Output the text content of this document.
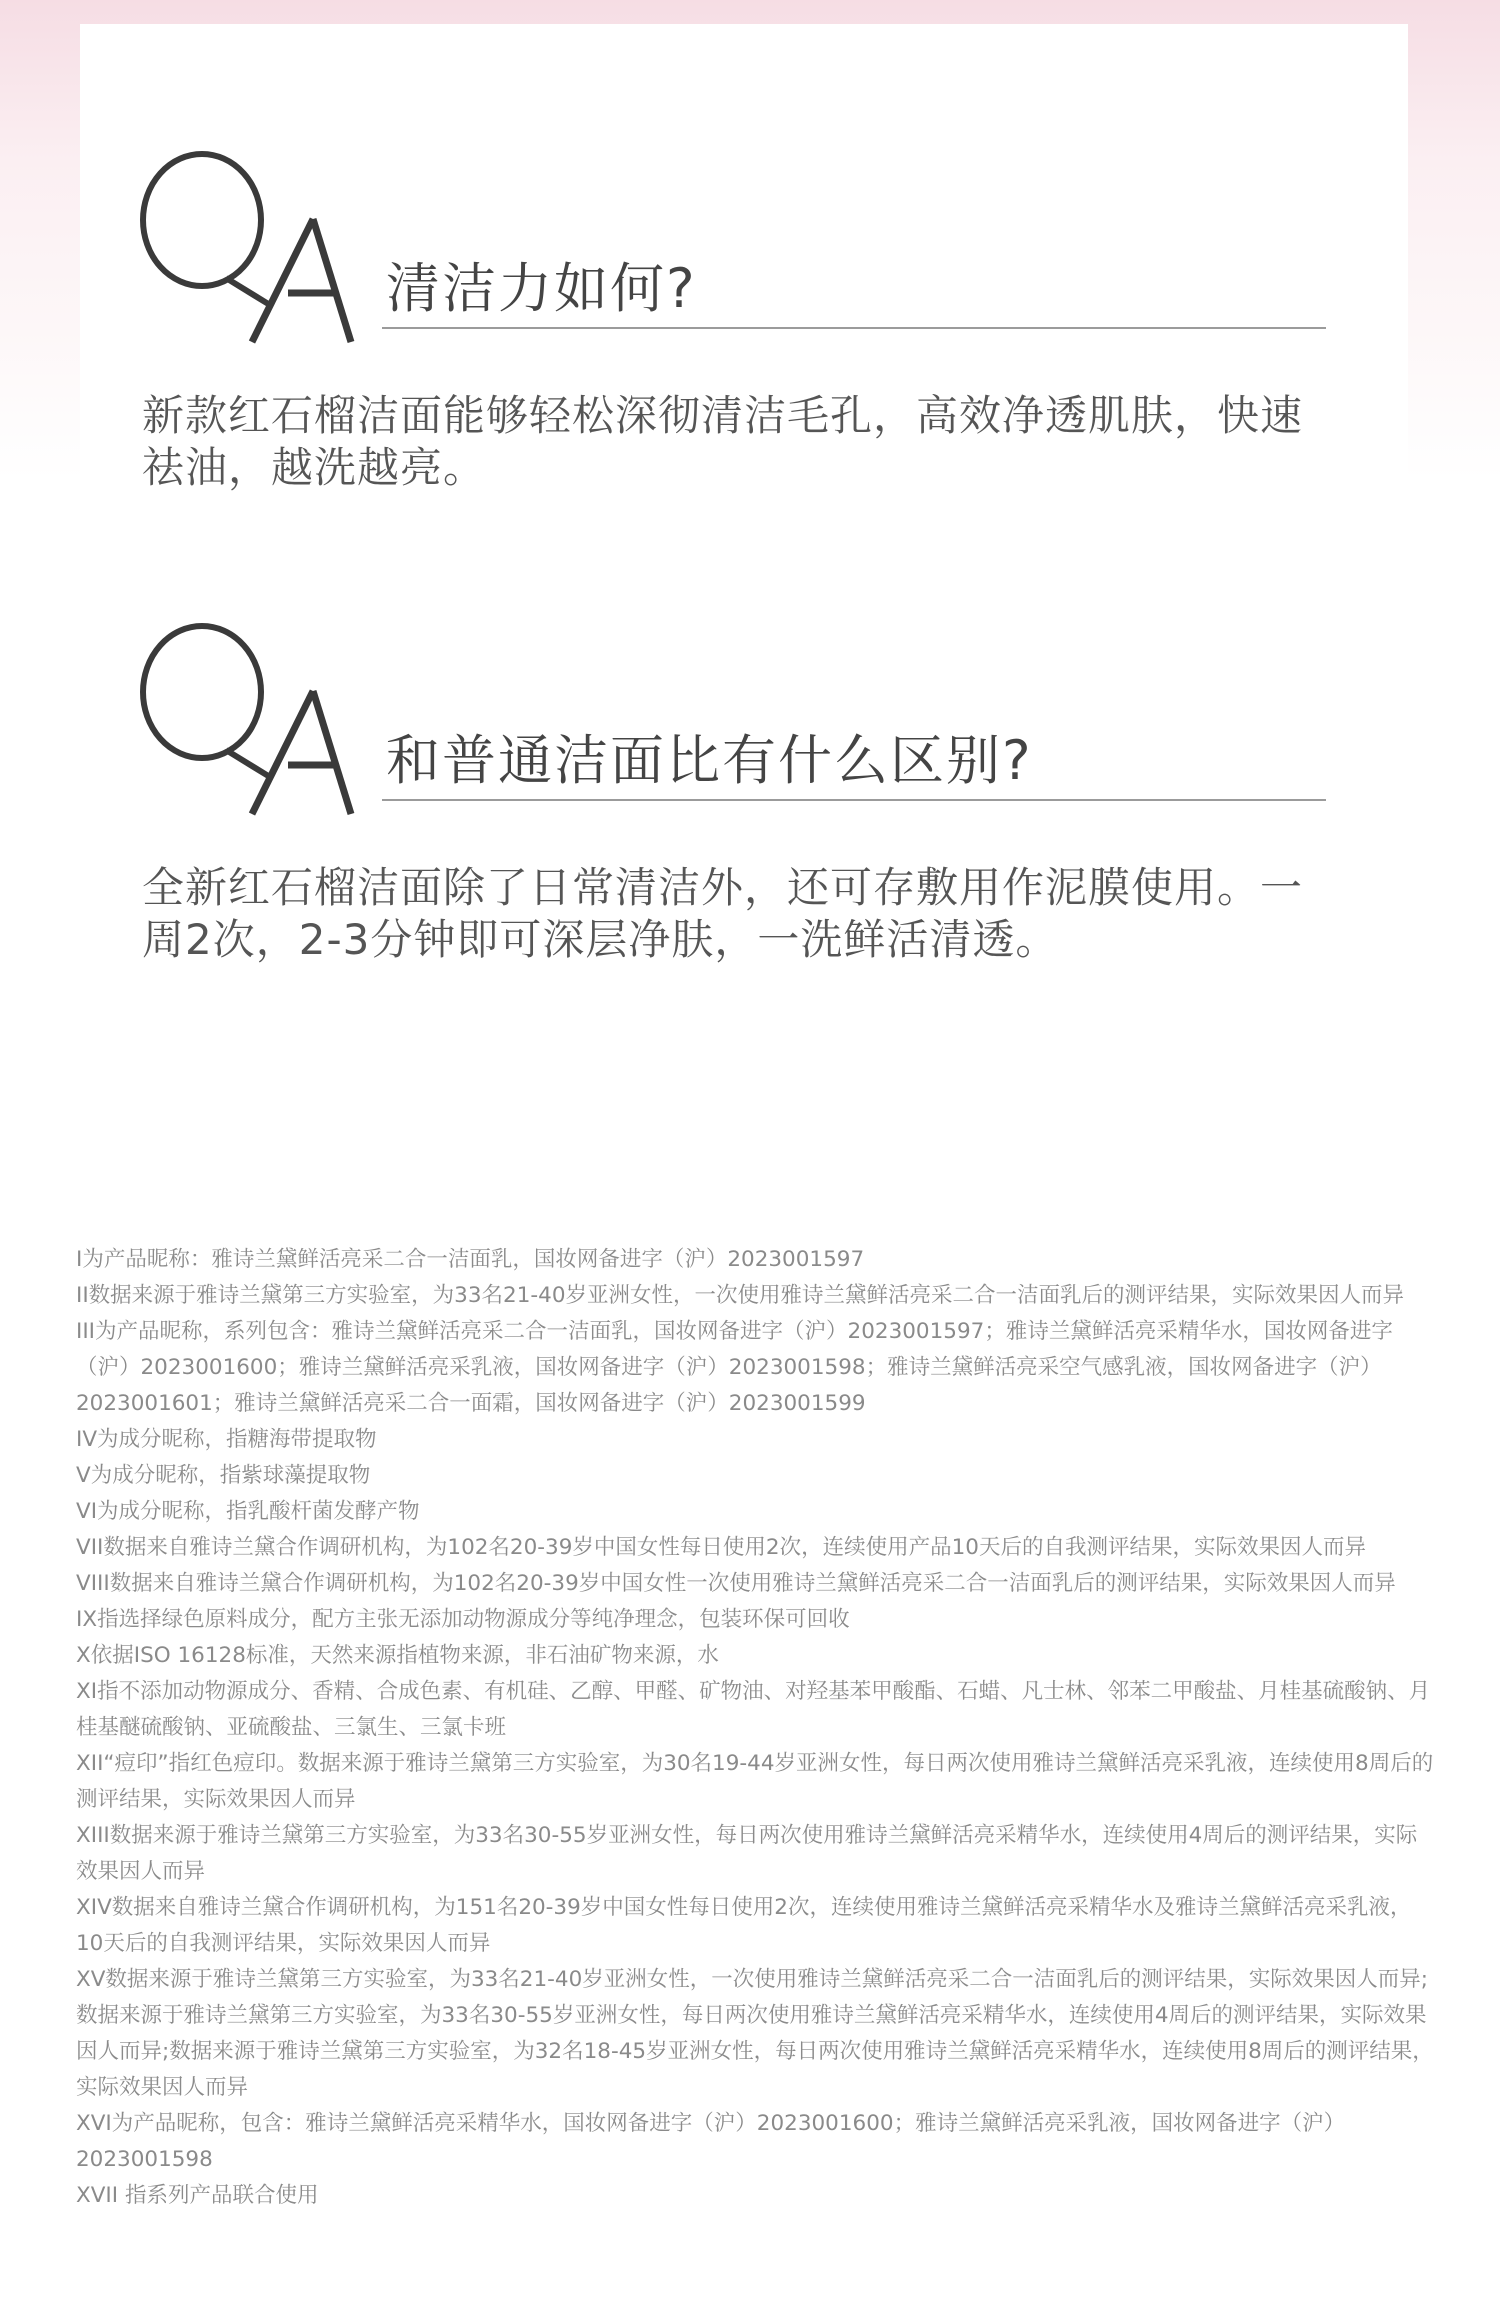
清洁力如何?

新款红石榴洁面能够轻松深彻清洁毛孔，高效净透肌肤，快速
祛油，越洗越亮。

和普通洁面比有什么区别?

全新红石榴洁面除了日常清洁外，还可存敷用作泥膜使用。一
周2次，2-3分钟即可深层净肤，一洗鲜活清透。

I为产品昵称：雅诗兰黛鲜活亮采二合一洁面乳，国妆网备进字（沪）2023001597

II数据来源于雅诗兰黛第三方实验室，为33名21-40岁亚洲女性，一次使用雅诗兰黛鲜活亮采二合一洁面乳后的测评结果，实际效果因人而异

III为产品昵称，系列包含：雅诗兰黛鲜活亮采二合一洁面乳，国妆网备进字（沪）2023001597；雅诗兰黛鲜活亮采精华水，国妆网备进字（沪）2023001600；雅诗兰黛鲜活亮采乳液，国妆网备进字（沪）2023001598；雅诗兰黛鲜活亮采空气感乳液，国妆网备进字（沪）2023001601；雅诗兰黛鲜活亮采二合一面霜，国妆网备进字（沪）2023001599

IV为成分昵称，指糖海带提取物

V为成分昵称，指紫球藻提取物

VI为成分昵称，指乳酸杆菌发酵产物

VII数据来自雅诗兰黛合作调研机构，为102名20-39岁中国女性每日使用2次，连续使用产品10天后的自我测评结果，实际效果因人而异

VIII数据来自雅诗兰黛合作调研机构，为102名20-39岁中国女性一次使用雅诗兰黛鲜活亮采二合一洁面乳后的测评结果，实际效果因人而异

IX指选择绿色原料成分，配方主张无添加动物源成分等纯净理念，包装环保可回收

X依据ISO 16128标准，天然来源指植物来源，非石油矿物来源，水

XI指不添加动物源成分、香精、合成色素、有机硅、乙醇、甲醛、矿物油、对羟基苯甲酸酯、石蜡、凡士林、邻苯二甲酸盐、月桂基硫酸钠、月桂基醚硫酸钠、亚硫酸盐、三氯生、三氯卡班

XII“痘印”指红色痘印。数据来源于雅诗兰黛第三方实验室，为30名19-44岁亚洲女性，每日两次使用雅诗兰黛鲜活亮采乳液，连续使用8周后的测评结果，实际效果因人而异

XIII数据来源于雅诗兰黛第三方实验室，为33名30-55岁亚洲女性，每日两次使用雅诗兰黛鲜活亮采精华水，连续使用4周后的测评结果，实际效果因人而异

XIV数据来自雅诗兰黛合作调研机构，为151名20-39岁中国女性每日使用2次，连续使用雅诗兰黛鲜活亮采精华水及雅诗兰黛鲜活亮采乳液，10天后的自我测评结果，实际效果因人而异

XV数据来源于雅诗兰黛第三方实验室，为33名21-40岁亚洲女性，一次使用雅诗兰黛鲜活亮采二合一洁面乳后的测评结果，实际效果因人而异;数据来源于雅诗兰黛第三方实验室，为33名30-55岁亚洲女性，每日两次使用雅诗兰黛鲜活亮采精华水，连续使用4周后的测评结果，实际效果因人而异;数据来源于雅诗兰黛第三方实验室，为32名18-45岁亚洲女性，每日两次使用雅诗兰黛鲜活亮采精华水，连续使用8周后的测评结果，实际效果因人而异

XVI为产品昵称，包含：雅诗兰黛鲜活亮采精华水，国妆网备进字（沪）2023001600；雅诗兰黛鲜活亮采乳液，国妆网备进字（沪）2023001598

XVII 指系列产品联合使用
